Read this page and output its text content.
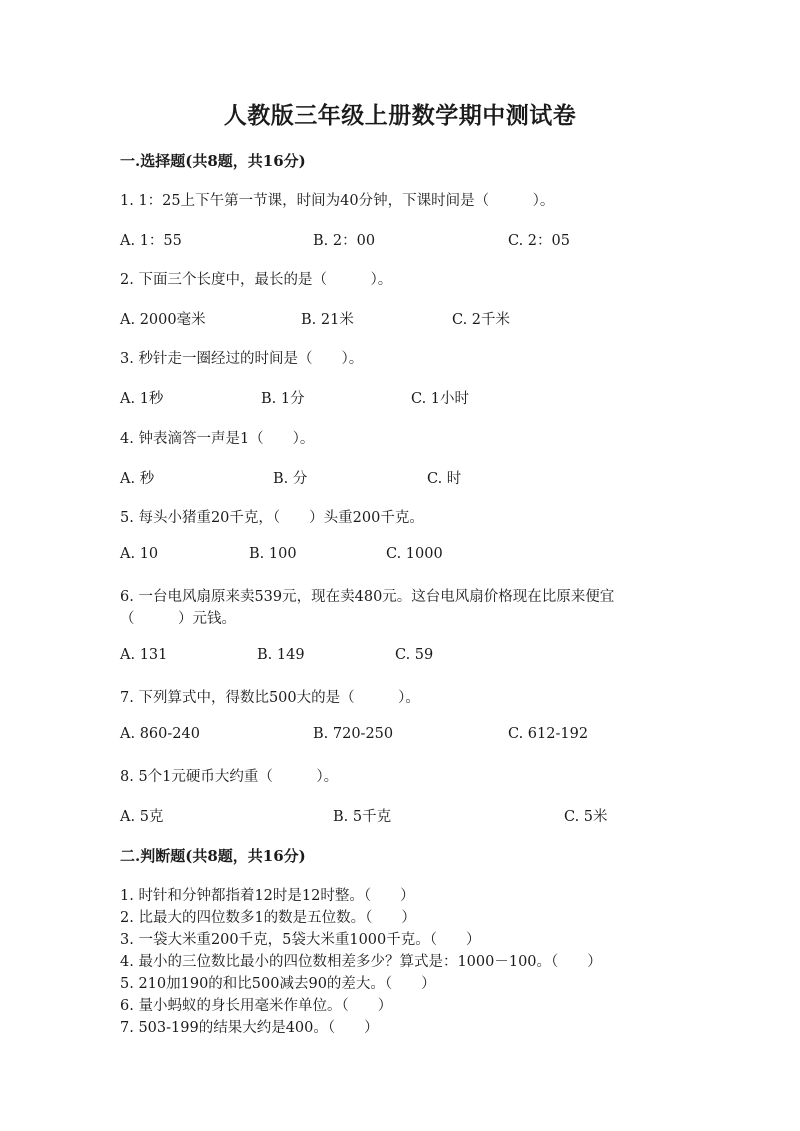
人教版三年级上册数学期中测试卷
一.选择题(共8题，共16分)
1. 1：25上下午第一节课，时间为40分钟，下课时间是（　　　）。
A. 1：55	B. 2：00	C. 2：05
2. 下面三个长度中，最长的是（　　　）。
A. 2000毫米	B. 21米	C. 2千米
3. 秒针走一圈经过的时间是（　　）。
A. 1秒	B. 1分	C. 1小时
4. 钟表滴答一声是1（　　）。
A. 秒	B. 分	C. 时
5. 每头小猪重20千克，（　　）头重200千克。
A. 10	B. 100	C. 1000
6. 一台电风扇原来卖539元，现在卖480元。这台电风扇价格现在比原来便宜
（　　　）元钱。
A. 131	B. 149	C. 59
7. 下列算式中，得数比500大的是（　　　）。
A. 860-240	B. 720-250	C. 612-192
8. 5个1元硬币大约重（　　　）。
A. 5克	B. 5千克	C. 5米
二.判断题(共8题，共16分)
1. 时针和分钟都指着12时是12时整。（　　）
2. 比最大的四位数多1的数是五位数。（　　）
3. 一袋大米重200千克，5袋大米重1000千克。（　　）
4. 最小的三位数比最小的四位数相差多少？算式是：1000－100。（　　）
5. 210加190的和比500减去90的差大。（　　）
6. 量小蚂蚁的身长用毫米作单位。（　　）
7. 503-199的结果大约是400。（　　）
